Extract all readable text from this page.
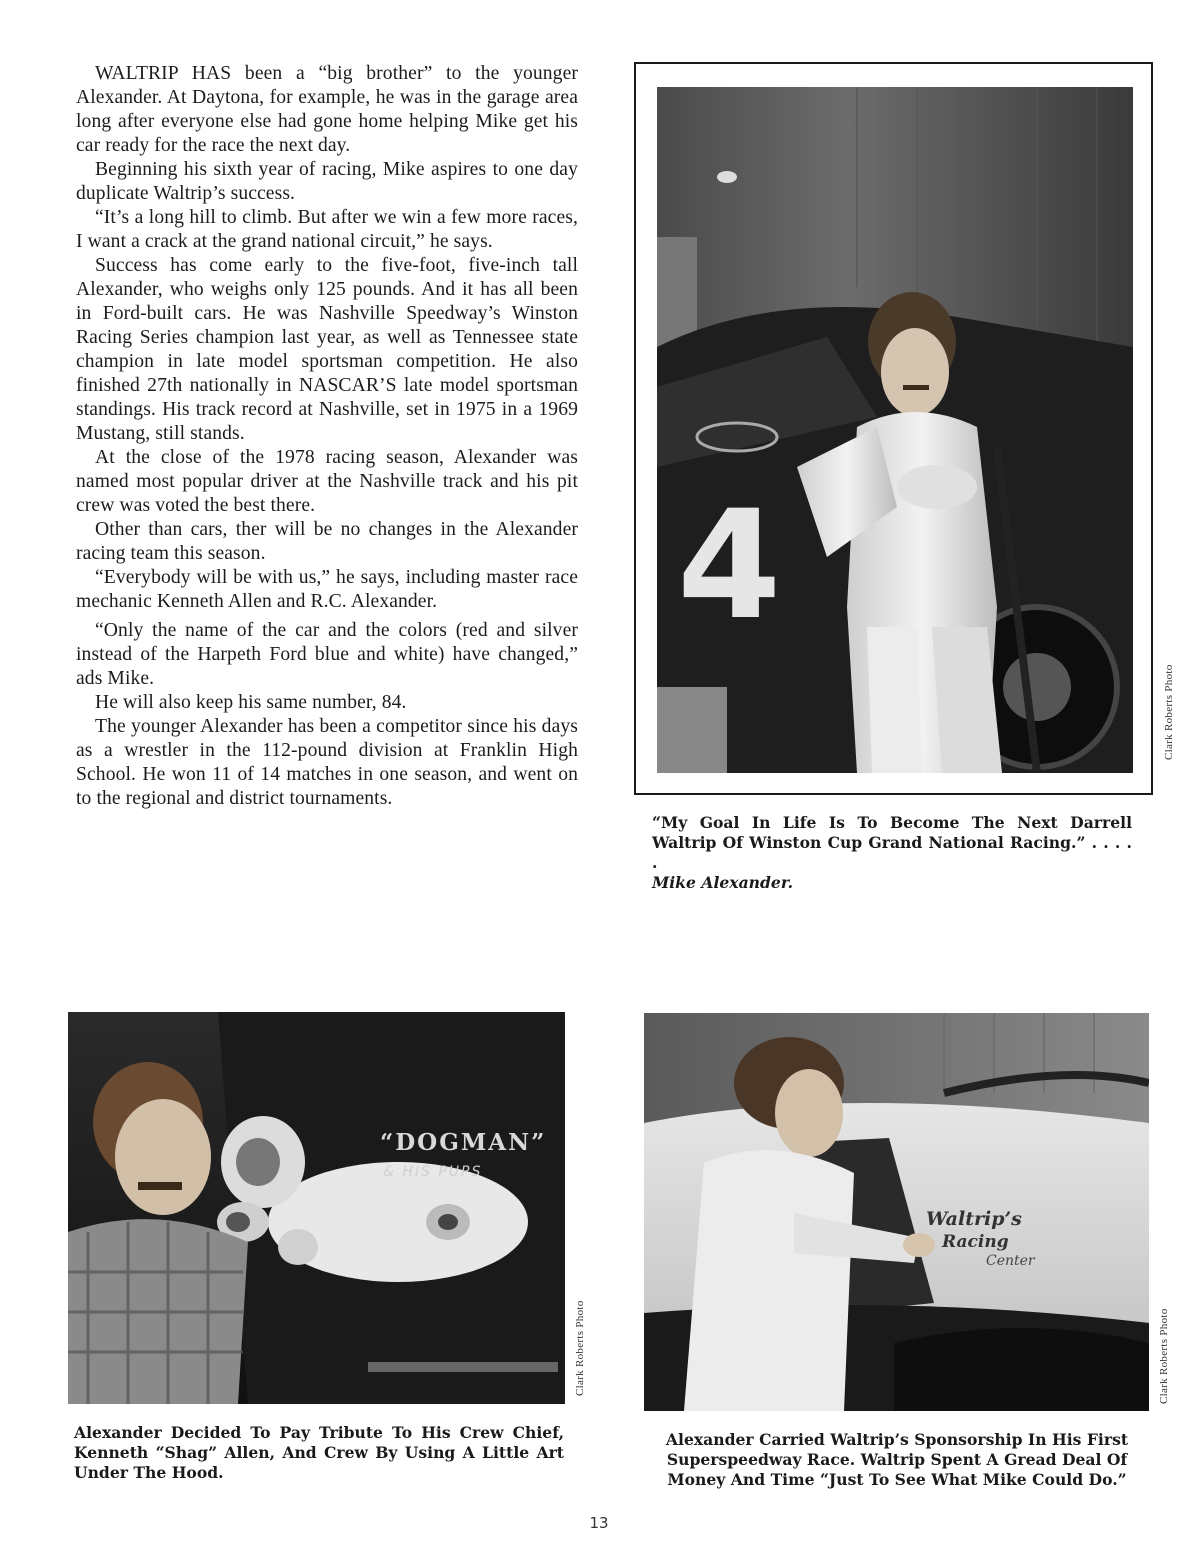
WALTRIP HAS been a “big brother” to the younger Alexander. At Daytona, for example, he was in the garage area long after everyone else had gone home helping Mike get his car ready for the race the next day.

Beginning his sixth year of racing, Mike aspires to one day duplicate Waltrip’s success.

“It’s a long hill to climb. But after we win a few more races, I want a crack at the grand national circuit,” he says.

Success has come early to the five-foot, five-inch tall Alexander, who weighs only 125 pounds. And it has all been in Ford-built cars. He was Nashville Speedway’s Winston Racing Series champion last year, as well as Tennessee state champion in late model sportsman competition. He also finished 27th nationally in NASCAR’S late model sportsman standings. His track record at Nashville, set in 1975 in a 1969 Mustang, still stands.

At the close of the 1978 racing season, Alexander was named most popular driver at the Nashville track and his pit crew was voted the best there.

Other than cars, ther will be no changes in the Alexander racing team this season.

“Everybody will be with us,” he says, including master race mechanic Kenneth Allen and R.C. Alexander.

“Only the name of the car and the colors (red and silver instead of the Harpeth Ford blue and white) have changed,” ads Mike.

He will also keep his same number, 84.

The younger Alexander has been a competitor since his days as a wrestler in the 112-pound division at Franklin High School. He won 11 of 14 matches in one season, and went on to the regional and district tournaments.

4
Clark Roberts Photo
“My Goal In Life Is To Become The Next Darrell Waltrip Of Winston Cup Grand National Racing.” . . . . .
Mike Alexander.
“DOGMAN”
& HIS PUPS
Clark Roberts Photo
Alexander Decided To Pay Tribute To His Crew Chief, Kenneth “Shag” Allen, And Crew By Using A Little Art Under The Hood.
Waltrip’s
Racing
Center
Clark Roberts Photo
Alexander Carried Waltrip’s Sponsorship In His First Superspeedway Race. Waltrip Spent A Gread Deal Of Money And Time “Just To See What Mike Could Do.”
13
